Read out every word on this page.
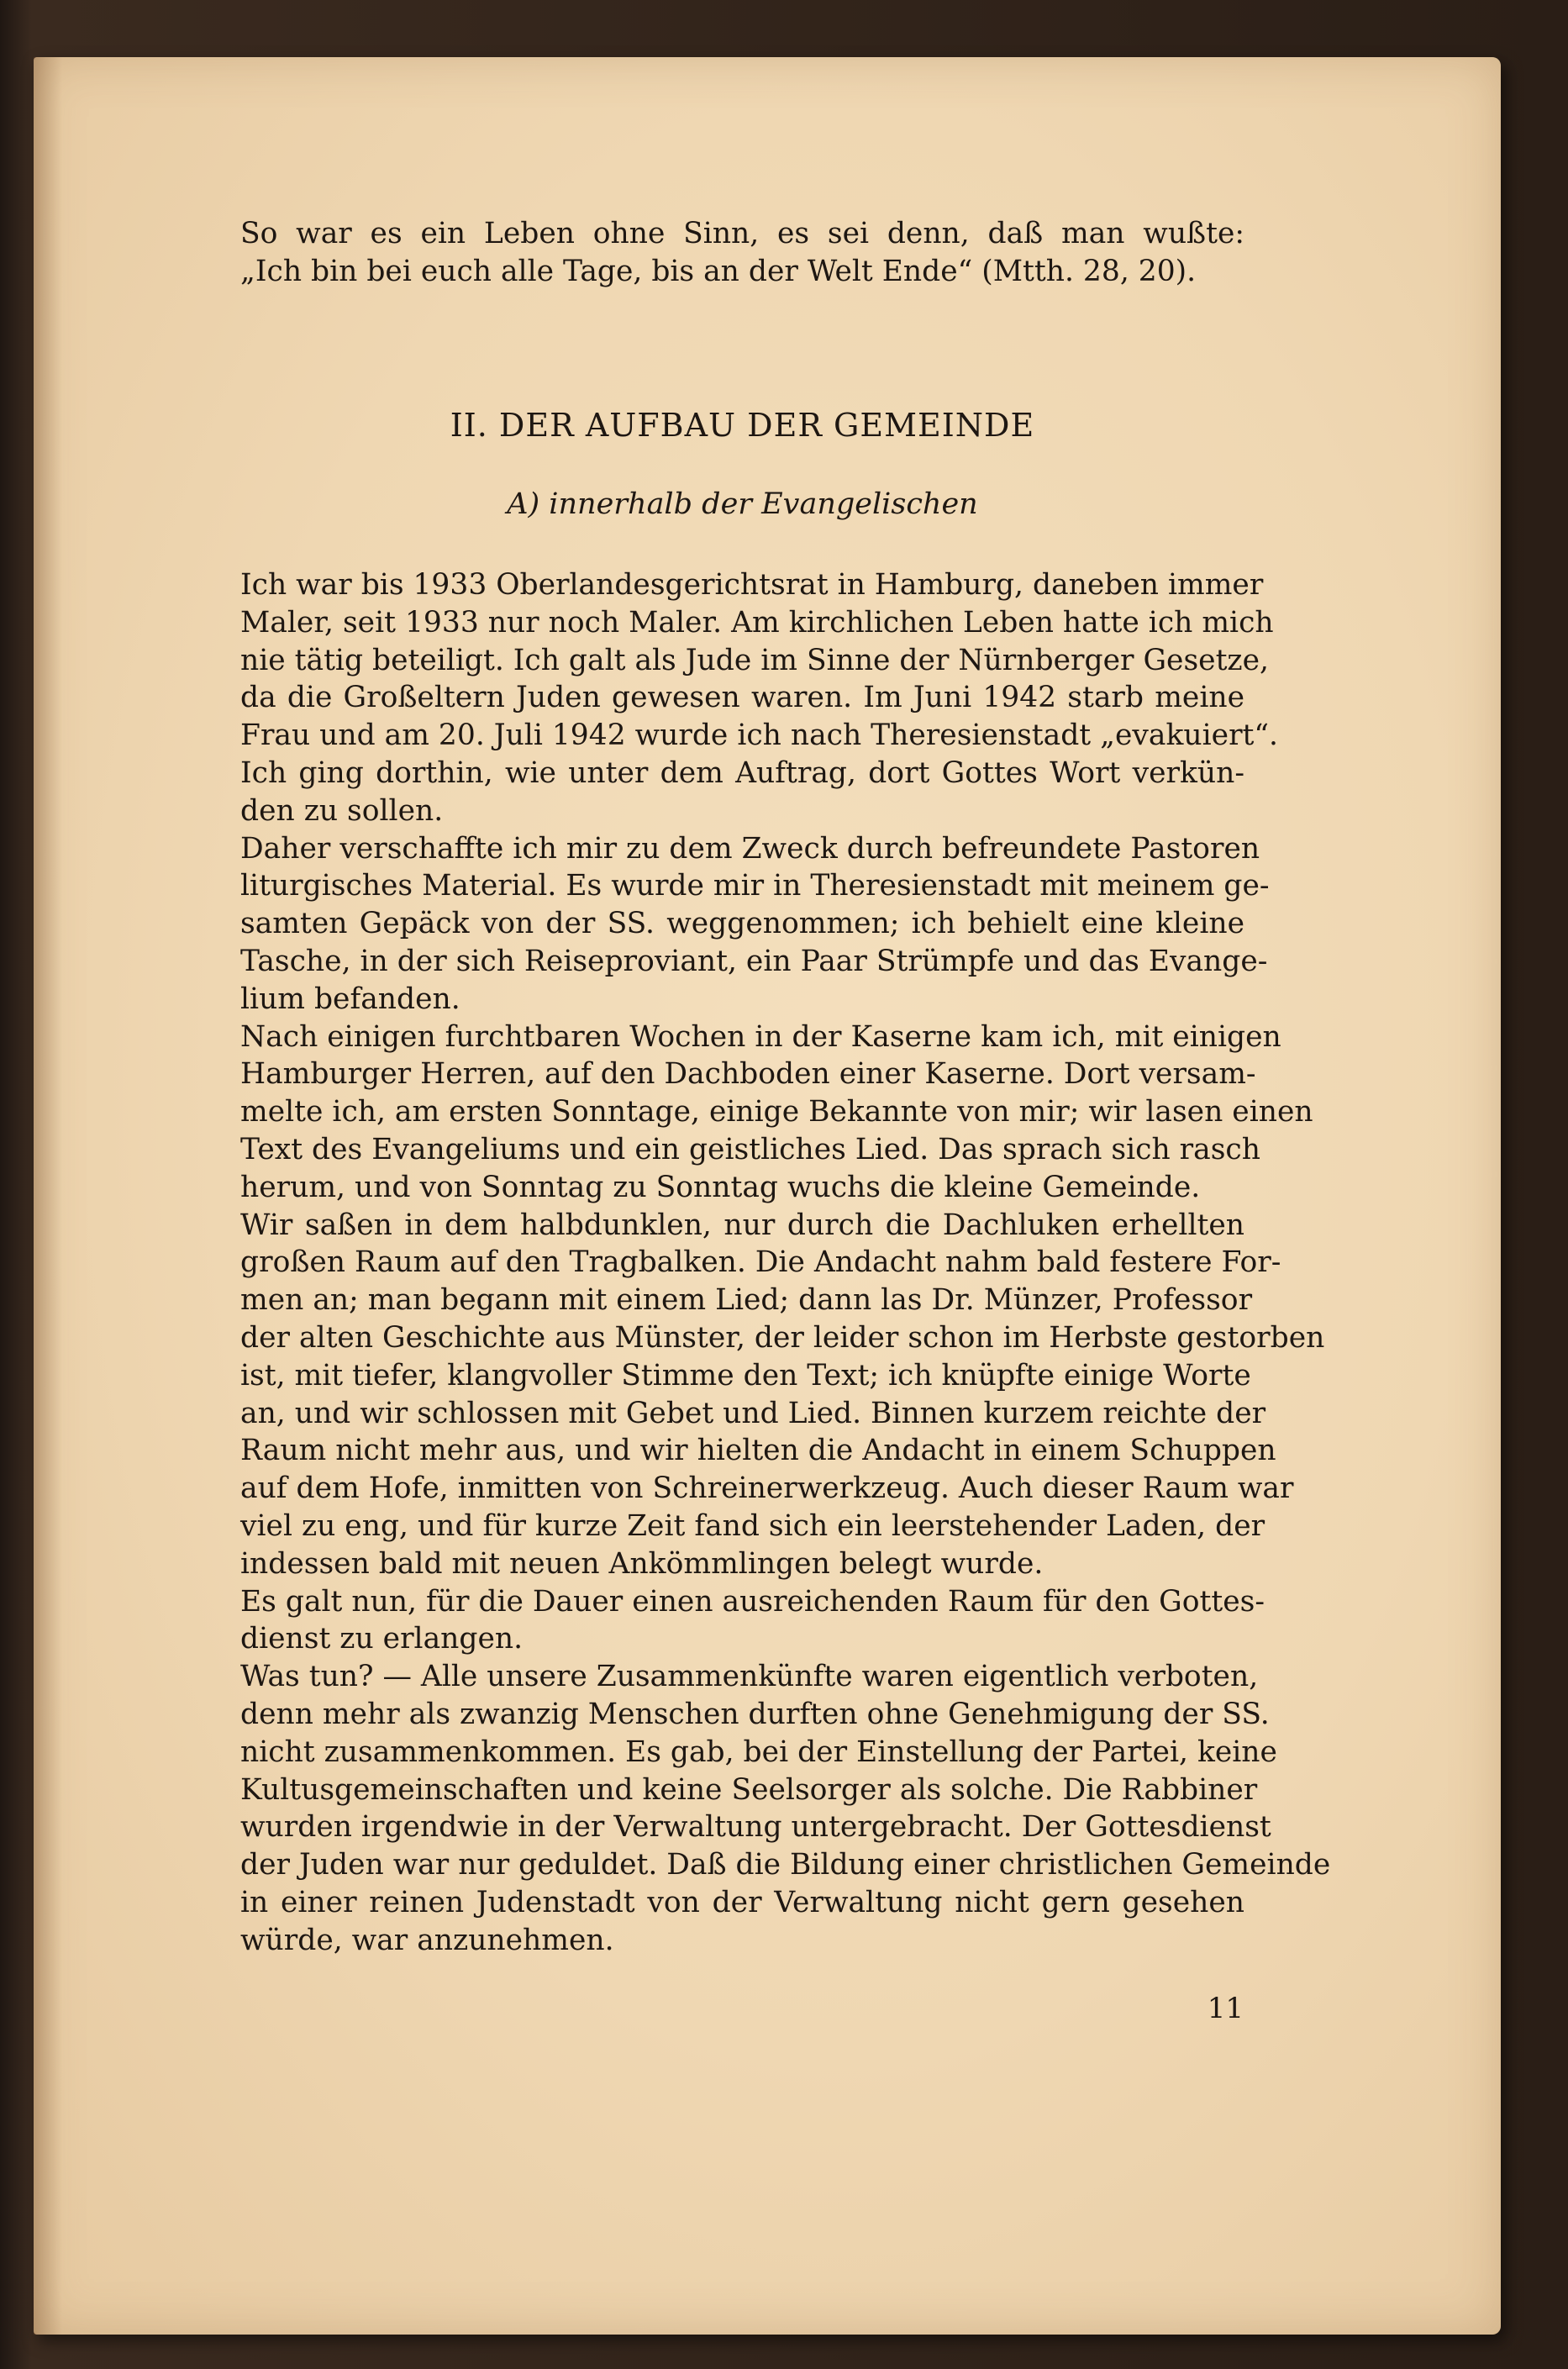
So war es ein Leben ohne Sinn, es sei denn, daß man wußte:
„Ich bin bei euch alle Tage, bis an der Welt Ende“ (Mtth. 28, 20).
II. DER AUFBAU DER GEMEINDE
A) innerhalb der Evangelischen
Ich war bis 1933 Oberlandesgerichtsrat in Hamburg, daneben immer
Maler, seit 1933 nur noch Maler. Am kirchlichen Leben hatte ich mich
nie tätig beteiligt. Ich galt als Jude im Sinne der Nürnberger Gesetze,
da die Großeltern Juden gewesen waren. Im Juni 1942 starb meine
Frau und am 20. Juli 1942 wurde ich nach Theresienstadt „evakuiert“.
Ich ging dorthin, wie unter dem Auftrag, dort Gottes Wort verkün-
den zu sollen.
Daher verschaffte ich mir zu dem Zweck durch befreundete Pastoren
liturgisches Material. Es wurde mir in Theresienstadt mit meinem ge-
samten Gepäck von der SS. weggenommen; ich behielt eine kleine
Tasche, in der sich Reiseproviant, ein Paar Strümpfe und das Evange-
lium befanden.
Nach einigen furchtbaren Wochen in der Kaserne kam ich, mit einigen
Hamburger Herren, auf den Dachboden einer Kaserne. Dort versam-
melte ich, am ersten Sonntage, einige Bekannte von mir; wir lasen einen
Text des Evangeliums und ein geistliches Lied. Das sprach sich rasch
herum, und von Sonntag zu Sonntag wuchs die kleine Gemeinde.
Wir saßen in dem halbdunklen, nur durch die Dachluken erhellten
großen Raum auf den Tragbalken. Die Andacht nahm bald festere For-
men an; man begann mit einem Lied; dann las Dr. Münzer, Professor
der alten Geschichte aus Münster, der leider schon im Herbste gestorben
ist, mit tiefer, klangvoller Stimme den Text; ich knüpfte einige Worte
an, und wir schlossen mit Gebet und Lied. Binnen kurzem reichte der
Raum nicht mehr aus, und wir hielten die Andacht in einem Schuppen
auf dem Hofe, inmitten von Schreinerwerkzeug. Auch dieser Raum war
viel zu eng, und für kurze Zeit fand sich ein leerstehender Laden, der
indessen bald mit neuen Ankömmlingen belegt wurde.
Es galt nun, für die Dauer einen ausreichenden Raum für den Gottes-
dienst zu erlangen.
Was tun? — Alle unsere Zusammenkünfte waren eigentlich verboten,
denn mehr als zwanzig Menschen durften ohne Genehmigung der SS.
nicht zusammenkommen. Es gab, bei der Einstellung der Partei, keine
Kultusgemeinschaften und keine Seelsorger als solche. Die Rabbiner
wurden irgendwie in der Verwaltung untergebracht. Der Gottesdienst
der Juden war nur geduldet. Daß die Bildung einer christlichen Gemeinde
in einer reinen Judenstadt von der Verwaltung nicht gern gesehen
würde, war anzunehmen.
11
